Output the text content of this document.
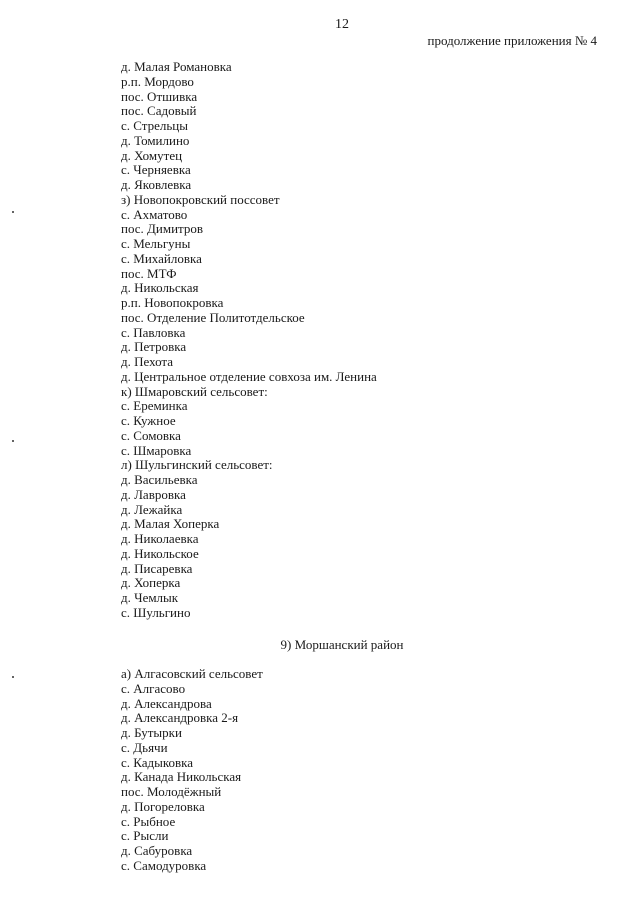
12
продолжение приложения № 4
д. Малая Романовка
р.п. Мордово
пос. Отшивка
пос. Садовый
с. Стрельцы
д. Томилино
д. Хомутец
с. Черняевка
д. Яковлевка
з) Новопокровский поссовет
с. Ахматово
пос. Димитров
с. Мельгуны
с. Михайловка
пос. МТФ
д. Никольская
р.п. Новопокровка
пос. Отделение Политотдельское
с. Павловка
д. Петровка
д. Пехота
д. Центральное отделение совхоза им. Ленина
к) Шмаровский сельсовет:
с. Ереминка
с. Кужное
с. Сомовка
с. Шмаровка
л) Шульгинский сельсовет:
д. Васильевка
д. Лавровка
д. Лежайка
д. Малая Хоперка
д. Николаевка
д. Никольское
д. Писаревка
д. Хоперка
д. Чемлык
с. Шульгино
9) Моршанский район
а) Алгасовский сельсовет
с. Алгасово
д. Александрова
д. Александровка 2-я
д. Бутырки
с. Дьячи
с. Кадыковка
д. Канада Никольская
пос. Молодёжный
д. Погореловка
с. Рыбное
с. Рысли
д. Сабуровка
с. Самодуровка
